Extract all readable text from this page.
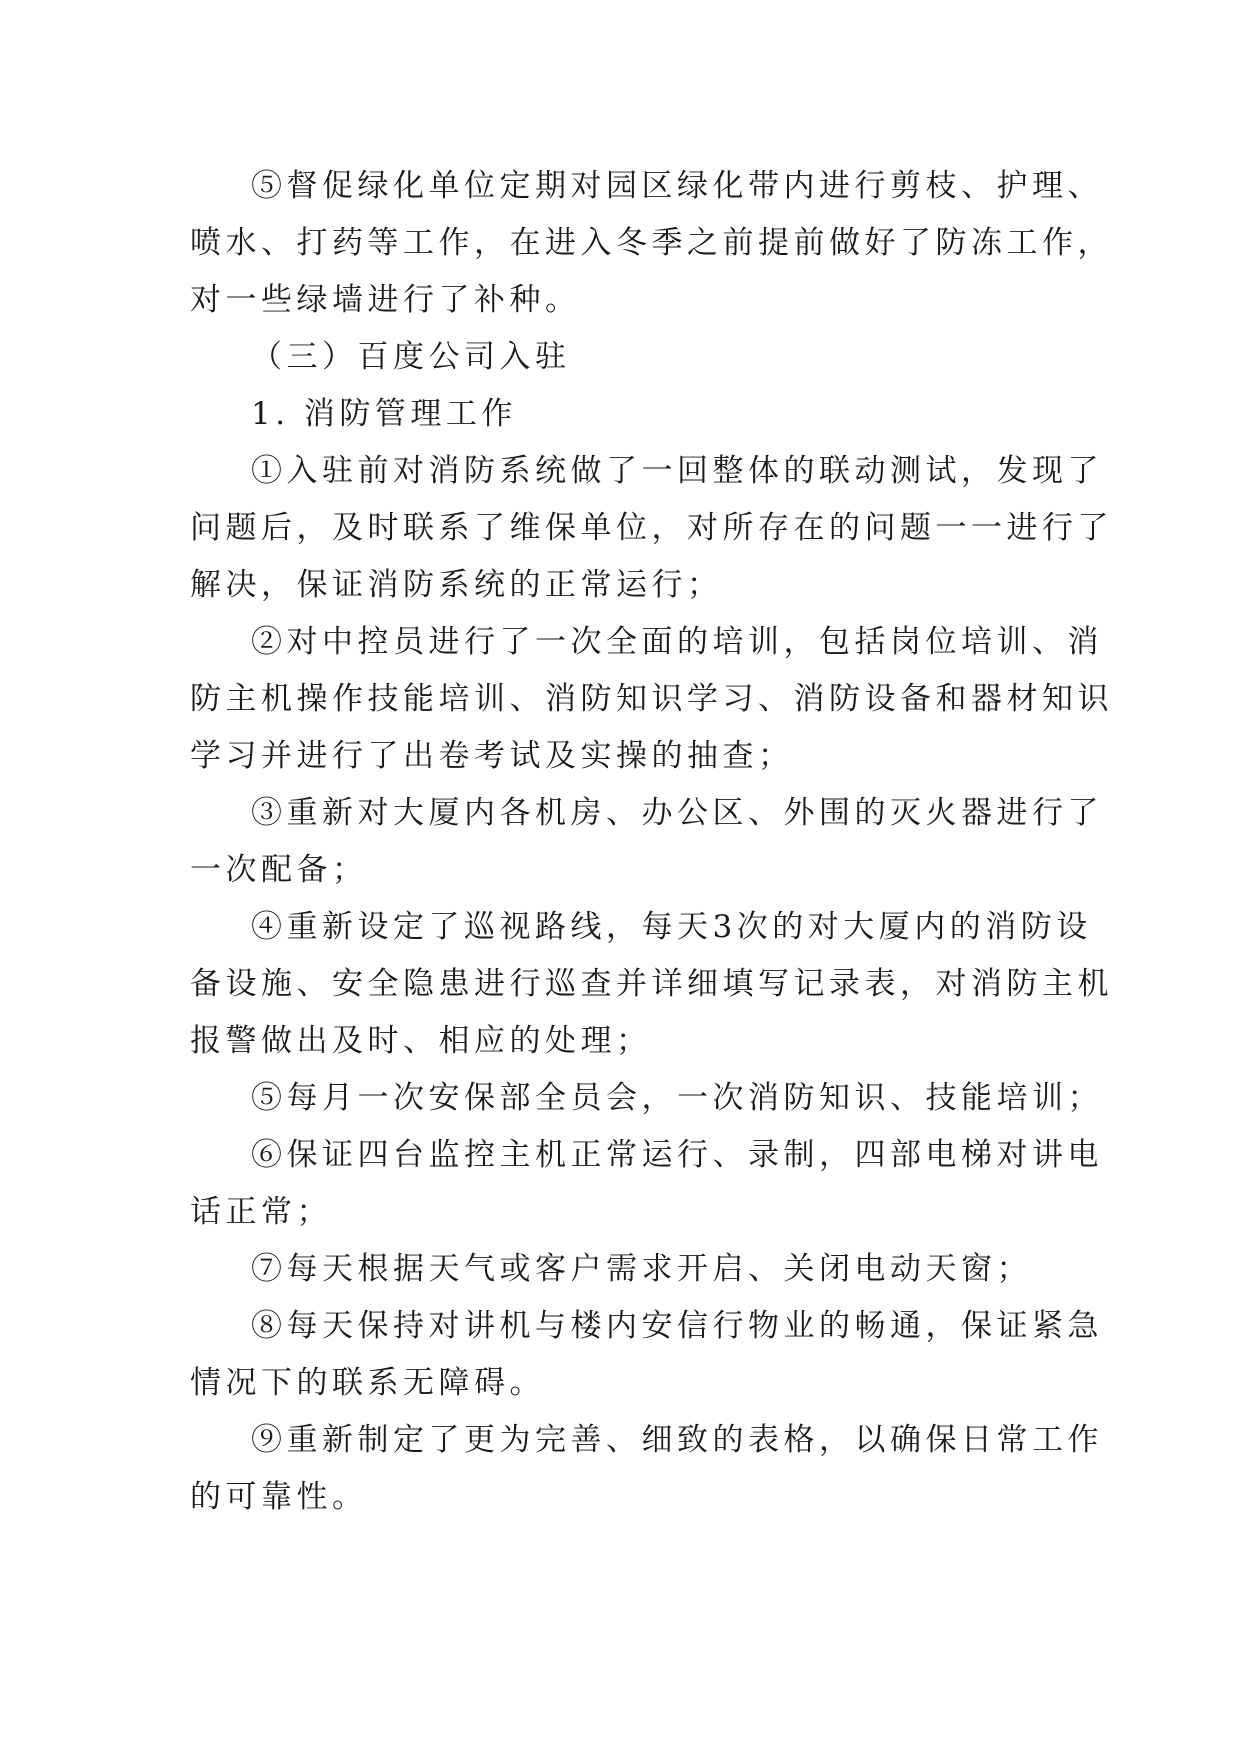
⑤督促绿化单位定期对园区绿化带内进行剪枝、护理、

喷水、打药等工作，在进入冬季之前提前做好了防冻工作，

对一些绿墙进行了补种。

（三）百度公司入驻

1. 消防管理工作

①入驻前对消防系统做了一回整体的联动测试，发现了

问题后，及时联系了维保单位，对所存在的问题一一进行了

解决，保证消防系统的正常运行；

②对中控员进行了一次全面的培训，包括岗位培训、消

防主机操作技能培训、消防知识学习、消防设备和器材知识

学习并进行了出卷考试及实操的抽查；

③重新对大厦内各机房、办公区、外围的灭火器进行了

一次配备；

④重新设定了巡视路线，每天3次的对大厦内的消防设

备设施、安全隐患进行巡查并详细填写记录表，对消防主机

报警做出及时、相应的处理；

⑤每月一次安保部全员会，一次消防知识、技能培训；

⑥保证四台监控主机正常运行、录制，四部电梯对讲电

话正常；

⑦每天根据天气或客户需求开启、关闭电动天窗；

⑧每天保持对讲机与楼内安信行物业的畅通，保证紧急

情况下的联系无障碍。

⑨重新制定了更为完善、细致的表格，以确保日常工作

的可靠性。
